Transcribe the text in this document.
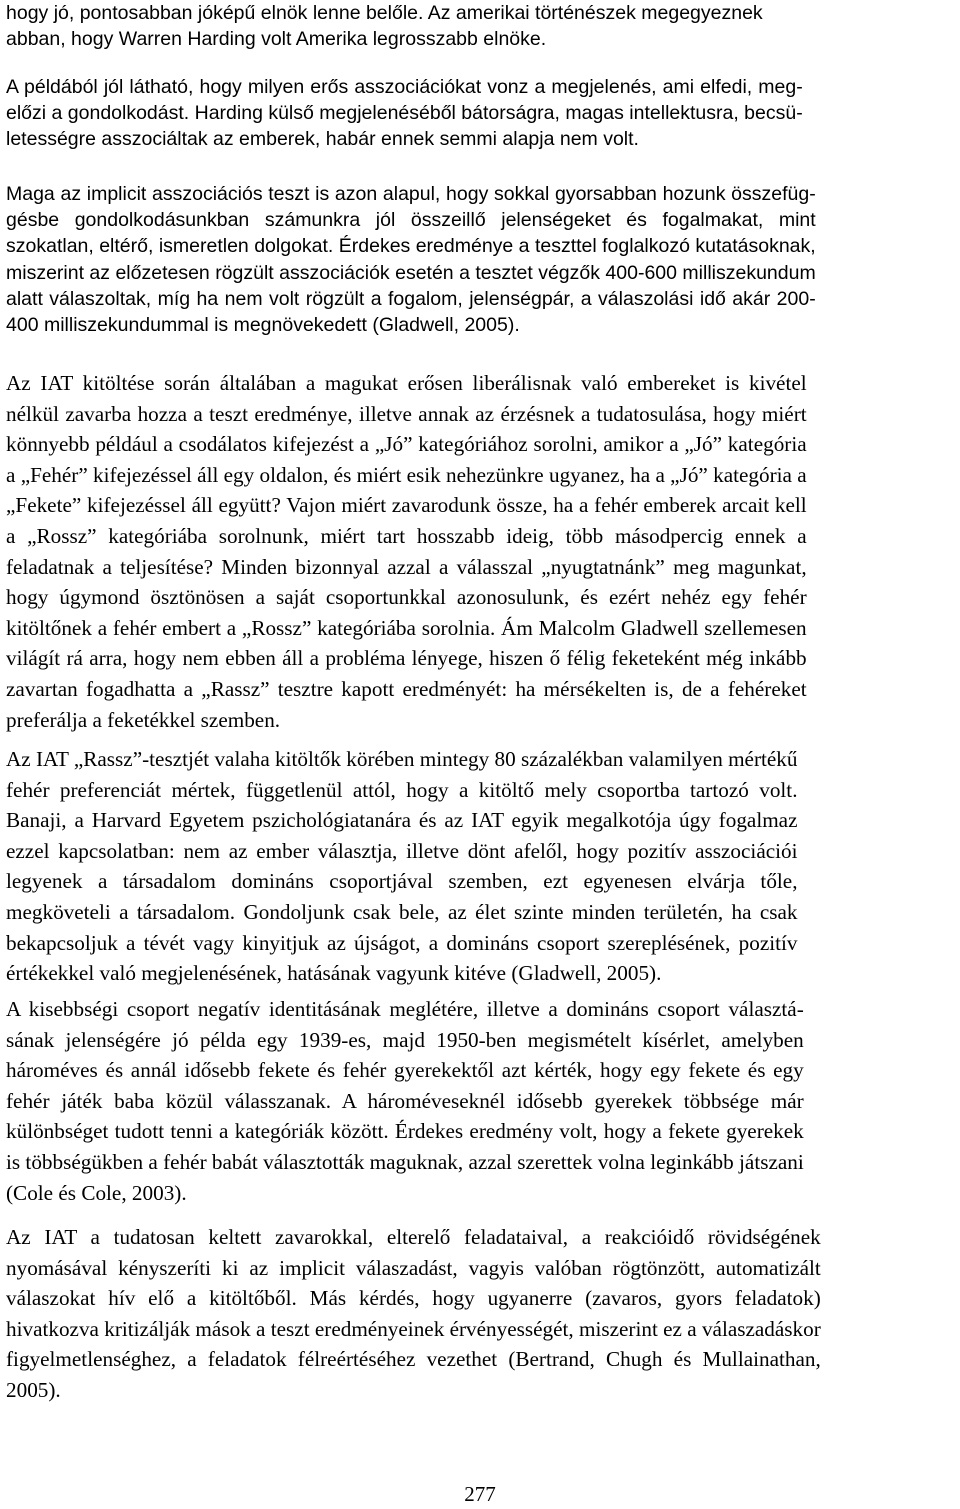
hogy jó, pontosabban jóképű elnök lenne belőle. Az amerikai történészek megegyeznek
abban, hogy Warren Harding volt Amerika legrosszabb elnöke.

A példából jól látható, hogy milyen erős asszociációkat vonz a megjelenés, ami elfedi, meg-
előzi a gondolkodást. Harding külső megjelenéséből bátorságra, magas intellektusra, becsü-
letességre asszociáltak az emberek, habár ennek semmi alapja nem volt.

Maga az implicit asszociációs teszt is azon alapul, hogy sokkal gyorsabban hozunk összefüg-
gésbe gondolkodásunkban számunkra jól összeillő jelenségeket és fogalmakat, mint
szokatlan, eltérő, ismeretlen dolgokat. Érdekes eredménye a teszttel foglalkozó kutatásoknak,
miszerint az előzetesen rögzült asszociációk esetén a tesztet végzők 400-600 milliszekundum
alatt válaszoltak, míg ha nem volt rögzült a fogalom, jelenségpár, a válaszolási idő akár 200-
400 milliszekundummal is megnövekedett (Gladwell, 2005).

Az IAT kitöltése során általában a magukat erősen liberálisnak való embereket is kivétel
nélkül zavarba hozza a teszt eredménye, illetve annak az érzésnek a tudatosulása, hogy miért
könnyebb például a csodálatos kifejezést a „Jó” kategóriához sorolni, amikor a „Jó” kategória
a „Fehér” kifejezéssel áll egy oldalon, és miért esik nehezünkre ugyanez, ha a „Jó” kategória a
„Fekete” kifejezéssel áll együtt? Vajon miért zavarodunk össze, ha a fehér emberek arcait kell
a „Rossz” kategóriába sorolnunk, miért tart hosszabb ideig, több másodpercig ennek a
feladatnak a teljesítése? Minden bizonnyal azzal a válasszal „nyugtatnánk” meg magunkat,
hogy úgymond ösztönösen a saját csoportunkkal azonosulunk, és ezért nehéz egy fehér
kitöltőnek a fehér embert a „Rossz” kategóriába sorolnia. Ám Malcolm Gladwell szellemesen
világít rá arra, hogy nem ebben áll a probléma lényege, hiszen ő félig feketeként még inkább
zavartan fogadhatta a „Rassz” tesztre kapott eredményét: ha mérsékelten is, de a fehéreket
preferálja a feketékkel szemben.

Az IAT „Rassz”-tesztjét valaha kitöltők körében mintegy 80 százalékban valamilyen mértékű
fehér preferenciát mértek, függetlenül attól, hogy a kitöltő mely csoportba tartozó volt.
Banaji, a Harvard Egyetem pszichológiatanára és az IAT egyik megalkotója úgy fogalmaz
ezzel kapcsolatban: nem az ember választja, illetve dönt afelől, hogy pozitív asszociációi
legyenek a társadalom domináns csoportjával szemben, ezt egyenesen elvárja tőle,
megköveteli a társadalom. Gondoljunk csak bele, az élet szinte minden területén, ha csak
bekapcsoljuk a tévét vagy kinyitjuk az újságot, a domináns csoport szereplésének, pozitív
értékekkel való megjelenésének, hatásának vagyunk kitéve (Gladwell, 2005).

A kisebbségi csoport negatív identitásának meglétére, illetve a domináns csoport választá-
sának jelenségére jó példa egy 1939-es, majd 1950-ben megismételt kísérlet, amelyben
hároméves és annál idősebb fekete és fehér gyerekektől azt kérték, hogy egy fekete és egy
fehér játék baba közül válasszanak. A hároméveseknél idősebb gyerekek többsége már
különbséget tudott tenni a kategóriák között. Érdekes eredmény volt, hogy a fekete gyerekek
is többségükben a fehér babát választották maguknak, azzal szerettek volna leginkább játszani
(Cole és Cole, 2003).

Az IAT a tudatosan keltett zavarokkal, elterelő feladataival, a reakcióidő rövidségének
nyomásával kényszeríti ki az implicit válaszadást, vagyis valóban rögtönzött, automatizált
válaszokat hív elő a kitöltőből. Más kérdés, hogy ugyanerre (zavaros, gyors feladatok)
hivatkozva kritizálják mások a teszt eredményeinek érvényességét, miszerint ez a válaszadáskor
figyelmetlenséghez, a feladatok félreértéséhez vezethet (Bertrand, Chugh és Mullainathan,
2005).

277
